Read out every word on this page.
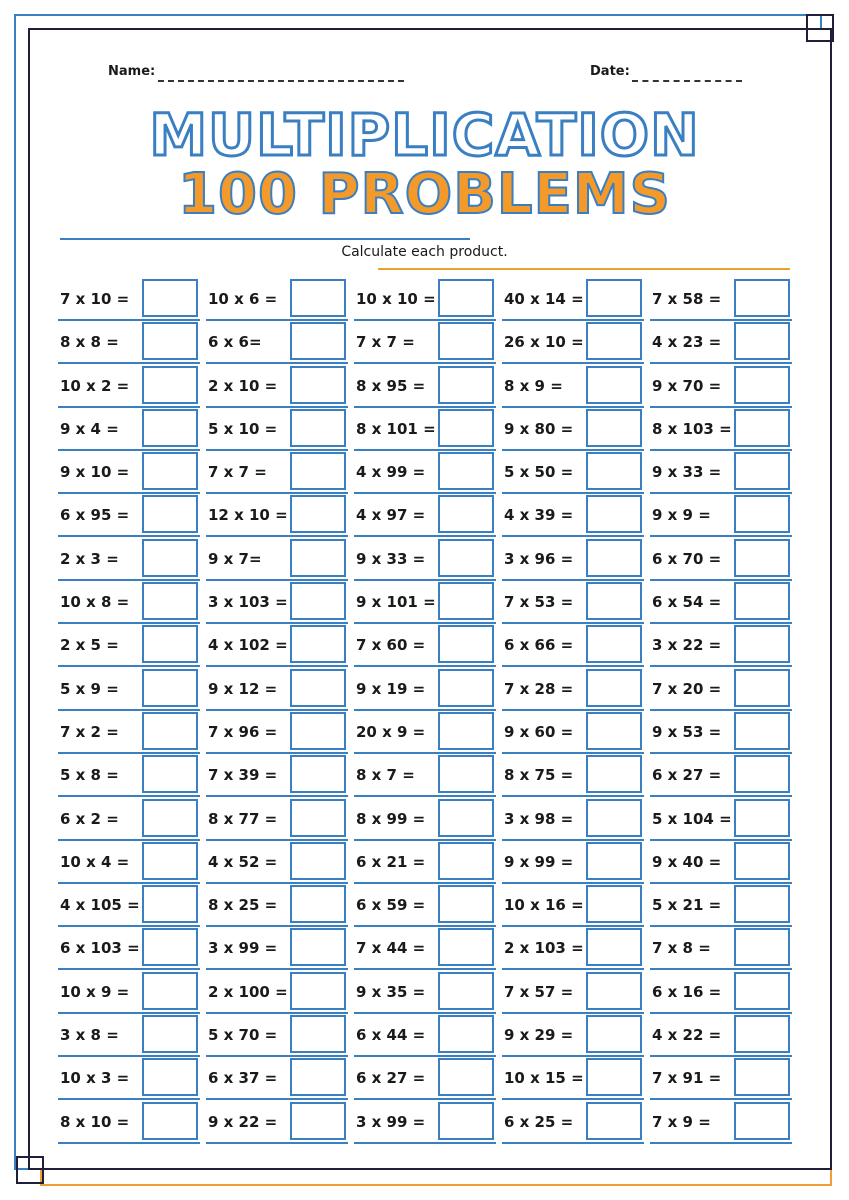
Name:	Date:
MULTIPLICATION
100 PROBLEMS
Calculate each product.
7 x 10 =	10 x 6 =	10 x 10 =	40 x 14 =	7 x 58 =
8 x 8 =	6 x 6=	7 x 7 =	26 x 10 =	4 x 23 =
10 x 2 =	2 x 10 =	8 x 95 =	8 x 9 =	9 x 70 =
9 x 4 =	5 x 10 =	8 x 101 =	9 x 80 =	8 x 103 =
9 x 10 =	7 x 7 =	4 x 99 =	5 x 50 =	9 x 33 =
6 x 95 =	12 x 10 =	4 x 97 =	4 x 39 =	9 x 9 =
2 x 3 =	9 x 7=	9 x 33 =	3 x 96 =	6 x 70 =
10 x 8 =	3 x 103 =	9 x 101 =	7 x 53 =	6 x 54 =
2 x 5 =	4 x 102 =	7 x 60 =	6 x 66 =	3 x 22 =
5 x 9 =	9 x 12 =	9 x 19 =	7 x 28 =	7 x 20 =
7 x 2 =	7 x 96 =	20 x 9 =	9 x 60 =	9 x 53 =
5 x 8 =	7 x 39 =	8 x 7 =	8 x 75 =	6 x 27 =
6 x 2 =	8 x 77 =	8 x 99 =	3 x 98 =	5 x 104 =
10 x 4 =	4 x 52 =	6 x 21 =	9 x 99 =	9 x 40 =
4 x 105 =	8 x 25 =	6 x 59 =	10 x 16 =	5 x 21 =
6 x 103 =	3 x 99 =	7 x 44 =	2 x 103 =	7 x 8 =
10 x 9 =	2 x 100 =	9 x 35 =	7 x 57 =	6 x 16 =
3 x 8 =	5 x 70 =	6 x 44 =	9 x 29 =	4 x 22 =
10 x 3 =	6 x 37 =	6 x 27 =	10 x 15 =	7 x 91 =
8 x 10 =	9 x 22 =	3 x 99 =	6 x 25 =	7 x 9 =
